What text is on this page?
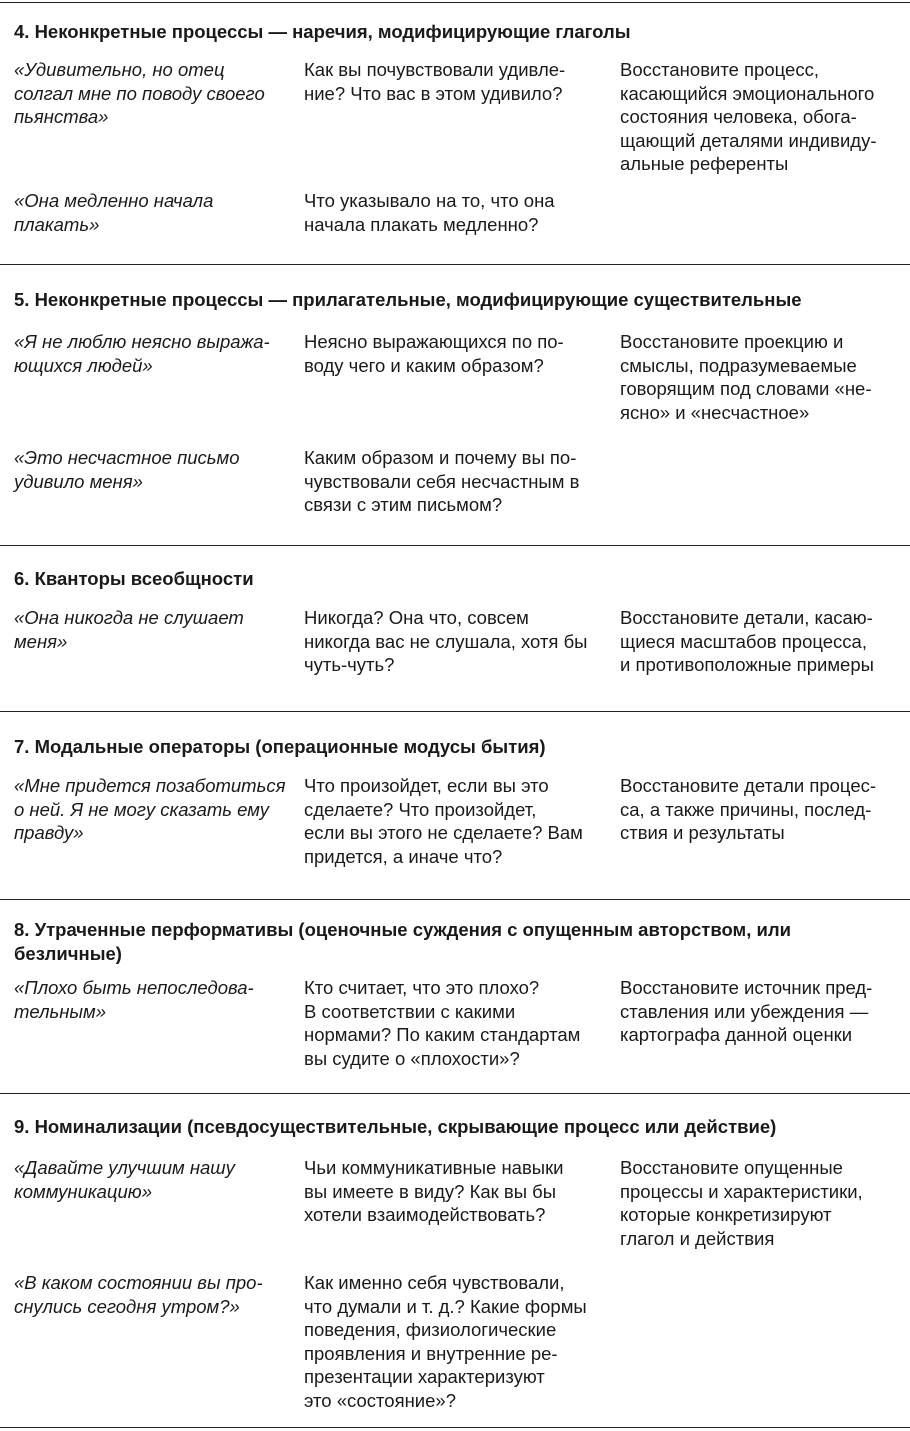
4. Неконкретные процессы — наречия, модифицирующие глаголы
«Удивительно, но отец
солгал мне по поводу своего
пьянства»
Как вы почувствовали удивле-
ние? Что вас в этом удивило?
Восстановите процесс,
касающийся эмоционального
состояния человека, обога-
щающий деталями индивиду-
альные референты
«Она медленно начала
плакать»
Что указывало на то, что она
начала плакать медленно?
5. Неконкретные процессы — прилагательные, модифицирующие существительные
«Я не люблю неясно выража-
ющихся людей»
Неясно выражающихся по по-
воду чего и каким образом?
Восстановите проекцию и
смыслы, подразумеваемые
говорящим под словами «не-
ясно» и «несчастное»
«Это несчастное письмо
удивило меня»
Каким образом и почему вы по-
чувствовали себя несчастным в
связи с этим письмом?
6. Кванторы всеобщности
«Она никогда не слушает
меня»
Никогда? Она что, совсем
никогда вас не слушала, хотя бы
чуть-чуть?
Восстановите детали, касаю-
щиеся масштабов процесса,
и противоположные примеры
7. Модальные операторы (операционные модусы бытия)
«Мне придется позаботиться
о ней. Я не могу сказать ему
правду»
Что произойдет, если вы это
сделаете? Что произойдет,
если вы этого не сделаете? Вам
придется, а иначе что?
Восстановите детали процес-
са, а также причины, послед-
ствия и результаты
8. Утраченные перформативы (оценочные суждения с опущенным авторством, или
безличные)
«Плохо быть непоследова-
тельным»
Кто считает, что это плохо?
В соответствии с какими
нормами? По каким стандартам
вы судите о «плохости»?
Восстановите источник пред-
ставления или убеждения —
картографа данной оценки
9. Номинализации (псевдосуществительные, скрывающие процесс или действие)
«Давайте улучшим нашу
коммуникацию»
Чьи коммуникативные навыки
вы имеете в виду? Как вы бы
хотели взаимодействовать?
Восстановите опущенные
процессы и характеристики,
которые конкретизируют
глагол и действия
«В каком состоянии вы про-
снулись сегодня утром?»
Как именно себя чувствовали,
что думали и т. д.? Какие формы
поведения, физиологические
проявления и внутренние ре-
презентации характеризуют
это «состояние»?
